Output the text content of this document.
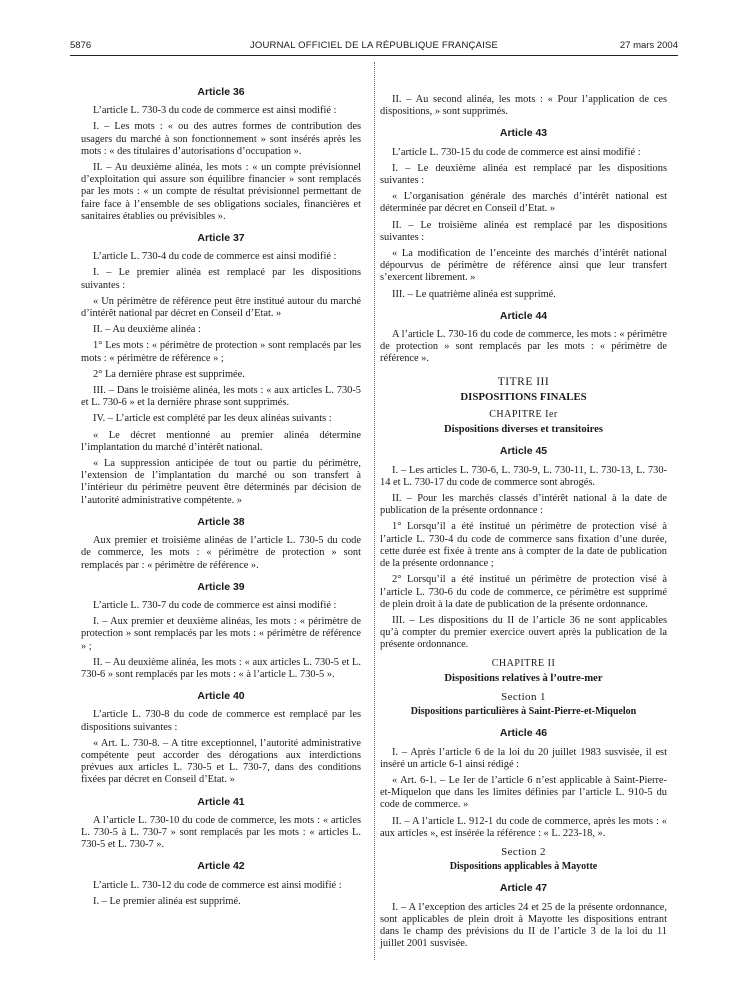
5876	JOURNAL OFFICIEL DE LA RÉPUBLIQUE FRANÇAISE	27 mars 2004
Article 36

L’article L. 730-3 du code de commerce est ainsi modifié :

I. – Les mots : « ou des autres formes de contribution des usagers du marché à son fonctionnement » sont insérés après les mots : « des titulaires d’autorisations d’occupation ».

II. – Au deuxième alinéa, les mots : « un compte prévisionnel d’exploitation qui assure son équilibre financier » sont remplacés par les mots : « un compte de résultat prévisionnel permettant de faire face à l’ensemble de ses obligations sociales, financières et sanitaires établies ou prévisibles ».

Article 37

L’article L. 730-4 du code de commerce est ainsi modifié :

I. – Le premier alinéa est remplacé par les dispositions suivantes :

« Un périmètre de référence peut être institué autour du marché d’intérêt national par décret en Conseil d’Etat. »

II. – Au deuxième alinéa :

1° Les mots : « périmètre de protection » sont remplacés par les mots : « périmètre de référence » ;

2° La dernière phrase est supprimée.

III. – Dans le troisième alinéa, les mots : « aux articles L. 730-5 et L. 730-6 » et la dernière phrase sont supprimés.

IV. – L’article est complété par les deux alinéas suivants :

« Le décret mentionné au premier alinéa détermine l’implantation du marché d’intérêt national.

« La suppression anticipée de tout ou partie du périmètre, l’extension de l’implantation du marché ou son transfert à l’intérieur du périmètre peuvent être déterminés par décision de l’autorité administrative compétente. »

Article 38

Aux premier et troisième alinéas de l’article L. 730-5 du code de commerce, les mots : « périmètre de protection » sont remplacés par : « périmètre de référence ».

Article 39

L’article L. 730-7 du code de commerce est ainsi modifié :

I. – Aux premier et deuxième alinéas, les mots : « périmètre de protection » sont remplacés par les mots : « périmètre de référence » ;

II. – Au deuxième alinéa, les mots : « aux articles L. 730-5 et L. 730-6 » sont remplacés par les mots : « à l’article L. 730-5 ».

Article 40

L’article L. 730-8 du code de commerce est remplacé par les dispositions suivantes :

« Art. L. 730-8. – A titre exceptionnel, l’autorité administrative compétente peut accorder des dérogations aux interdictions prévues aux articles L. 730-5 et L. 730-7, dans des conditions fixées par décret en Conseil d’Etat. »

Article 41

A l’article L. 730-10 du code de commerce, les mots : « articles L. 730-5 à L. 730-7 » sont remplacés par les mots : « articles L. 730-5 et L. 730-7 ».

Article 42

L’article L. 730-12 du code de commerce est ainsi modifié :

I. – Le premier alinéa est supprimé.

II. – Au second alinéa, les mots : « Pour l’application de ces dispositions, » sont supprimés.

Article 43

L’article L. 730-15 du code de commerce est ainsi modifié :

I. – Le deuxième alinéa est remplacé par les dispositions suivantes :

« L’organisation générale des marchés d’intérêt national est déterminée par décret en Conseil d’Etat. »

II. – Le troisième alinéa est remplacé par les dispositions suivantes :

« La modification de l’enceinte des marchés d’intérêt national dépourvus de périmètre de référence ainsi que leur transfert s’exercent librement. »

III. – Le quatrième alinéa est supprimé.

Article 44

A l’article L. 730-16 du code de commerce, les mots : « périmètre de protection » sont remplacés par les mots : « périmètre de référence ».

TITRE III
DISPOSITIONS FINALES
CHAPITRE Ier
Dispositions diverses et transitoires
Article 45

I. – Les articles L. 730-6, L. 730-9, L. 730-11, L. 730-13, L. 730-14 et L. 730-17 du code de commerce sont abrogés.

II. – Pour les marchés classés d’intérêt national à la date de publication de la présente ordonnance :

1° Lorsqu’il a été institué un périmètre de protection visé à l’article L. 730-4 du code de commerce sans fixation d’une durée, cette durée est fixée à trente ans à compter de la date de publication de la présente ordonnance ;

2° Lorsqu’il a été institué un périmètre de protection visé à l’article L. 730-6 du code de commerce, ce périmètre est supprimé de plein droit à la date de publication de la présente ordonnance.

III. – Les dispositions du II de l’article 36 ne sont applicables qu’à compter du premier exercice ouvert après la publication de la présente ordonnance.

CHAPITRE II
Dispositions relatives à l’outre-mer
Section 1
Dispositions particulières à Saint-Pierre-et-Miquelon
Article 46

I. – Après l’article 6 de la loi du 20 juillet 1983 susvisée, il est inséré un article 6-1 ainsi rédigé :

« Art. 6-1. – Le Ier de l’article 6 n’est applicable à Saint-Pierre-et-Miquelon que dans les limites définies par l’article L. 910-5 du code de commerce. »

II. – A l’article L. 912-1 du code de commerce, après les mots : « aux articles », est insérée la référence : « L. 223-18, ».

Section 2
Dispositions applicables à Mayotte
Article 47

I. – A l’exception des articles 24 et 25 de la présente ordonnance, sont applicables de plein droit à Mayotte les dispositions entrant dans le champ des prévisions du II de l’article 3 de la loi du 11 juillet 2001 susvisée.
